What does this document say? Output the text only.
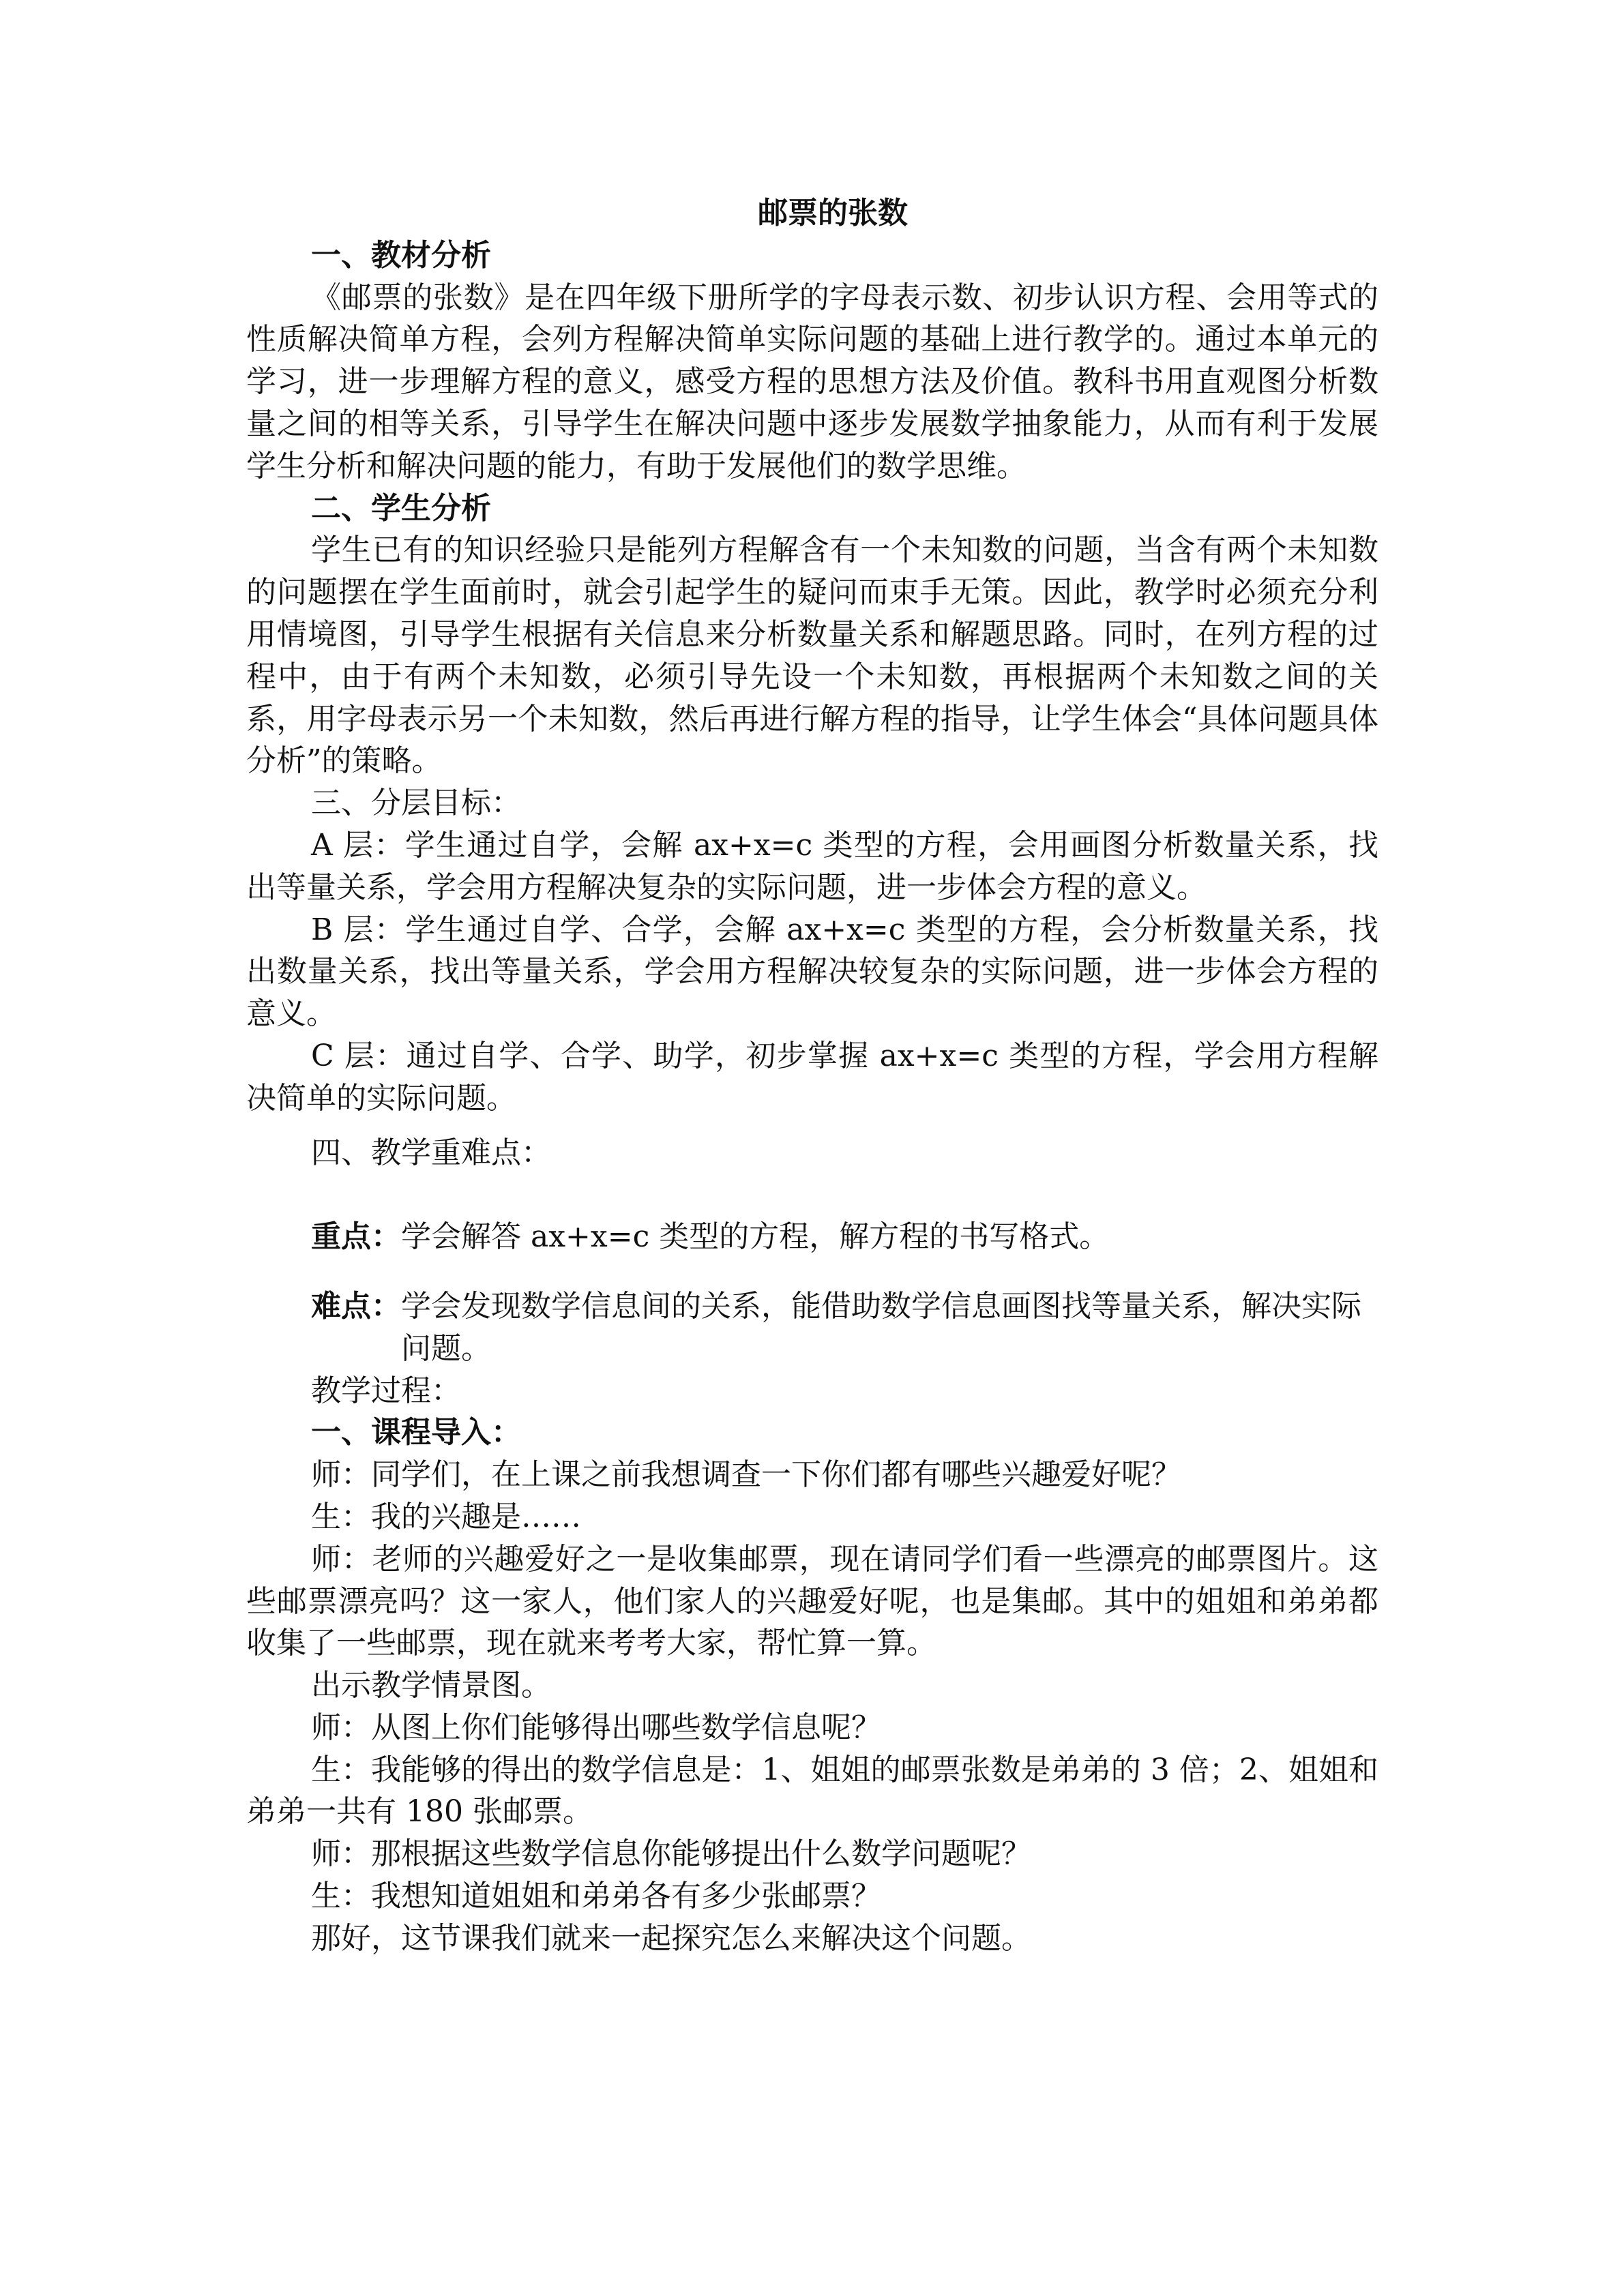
邮票的张数

一、教材分析

《邮票的张数》是在四年级下册所学的字母表示数、初步认识方程、会用等式的性质解决简单方程，会列方程解决简单实际问题的基础上进行教学的。通过本单元的学习，进一步理解方程的意义，感受方程的思想方法及价值。教科书用直观图分析数量之间的相等关系，引导学生在解决问题中逐步发展数学抽象能力，从而有利于发展学生分析和解决问题的能力，有助于发展他们的数学思维。

二、学生分析

学生已有的知识经验只是能列方程解含有一个未知数的问题，当含有两个未知数的问题摆在学生面前时，就会引起学生的疑问而束手无策。因此，教学时必须充分利用情境图，引导学生根据有关信息来分析数量关系和解题思路。同时，在列方程的过程中，由于有两个未知数，必须引导先设一个未知数，再根据两个未知数之间的关系，用字母表示另一个未知数，然后再进行解方程的指导，让学生体会“具体问题具体分析”的策略。

三、分层目标：

A 层：学生通过自学，会解 ax+x=c 类型的方程，会用画图分析数量关系，找出等量关系，学会用方程解决复杂的实际问题，进一步体会方程的意义。

B 层：学生通过自学、合学，会解 ax+x=c 类型的方程，会分析数量关系，找出数量关系，找出等量关系，学会用方程解决较复杂的实际问题，进一步体会方程的意义。

C 层：通过自学、合学、助学，初步掌握 ax+x=c 类型的方程，学会用方程解决简单的实际问题。

四、教学重难点：

重点： 学会解答 ax+x=c 类型的方程，解方程的书写格式。
难点： 学会发现数学信息间的关系，能借助数学信息画图找等量关系，解决实际问题。

教学过程：

一、课程导入：

师：同学们，在上课之前我想调查一下你们都有哪些兴趣爱好呢？

生：我的兴趣是……

师：老师的兴趣爱好之一是收集邮票，现在请同学们看一些漂亮的邮票图片。这些邮票漂亮吗？这一家人，他们家人的兴趣爱好呢，也是集邮。其中的姐姐和弟弟都收集了一些邮票，现在就来考考大家，帮忙算一算。

出示教学情景图。

师：从图上你们能够得出哪些数学信息呢？

生：我能够的得出的数学信息是：1、姐姐的邮票张数是弟弟的 3 倍；2、姐姐和弟弟一共有 180 张邮票。

师：那根据这些数学信息你能够提出什么数学问题呢？

生：我想知道姐姐和弟弟各有多少张邮票？

那好，这节课我们就来一起探究怎么来解决这个问题。
